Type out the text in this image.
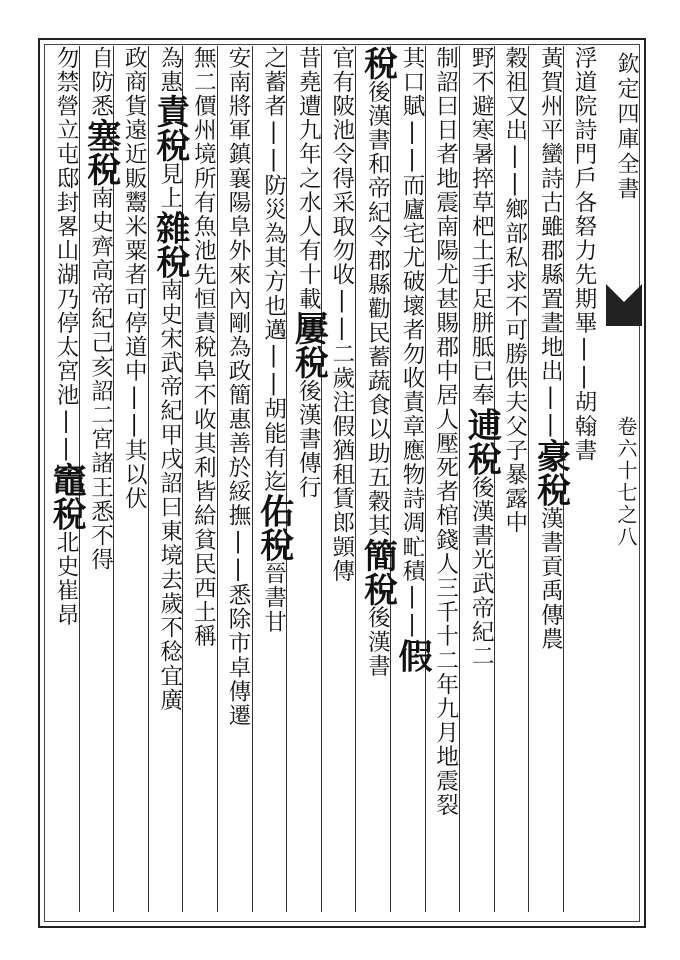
欽定四庫全書
卷六十七之八
浮道院詩門戶各砮力先期畢||胡翰書
黃賀州平蠻詩古雖郡縣置晝地出||豪稅漢書貢禹傳農
穀祖又出||鄉部私求不可勝供夫父子暴露中
野不避寒暑捽草杷土手足胼胝已奉逋稅後漢書光武帝紀二
制詔曰日者地震南陽尤甚賜郡中居人壓死者棺錢人三千十二年九月地震裂
其口賦||而廬宅尤破壞者勿收責章應物詩凋甿積||假
稅後漢書和帝紀令郡縣勸民蓄蔬食以助五穀其簡稅後漢書
官有陂池令得采取勿收||二歲注假猶租賃郎顗傳
昔堯遭九年之水人有十載屢稅後漢書傳行
之蓄者||防災為其方也邁||胡能有迄佑稅晉書甘
安南將軍鎮襄陽阜外來內剛為政簡惠善於綏撫||悉除市卓傳遷
無二價州境所有魚池先恒責稅阜不收其利皆給貧民西土稱
為惠責稅見上雜稅南史宋武帝紀甲戌詔曰東境去歲不稔宜廣
政商貨遠近販鬻米粟者可停道中||其以伏
自防悉塞稅南史齊高帝紀己亥詔二宮諸王悉不得
勿禁營立屯邸封畧山湖乃停太宮池||竈稅北史崔昂
